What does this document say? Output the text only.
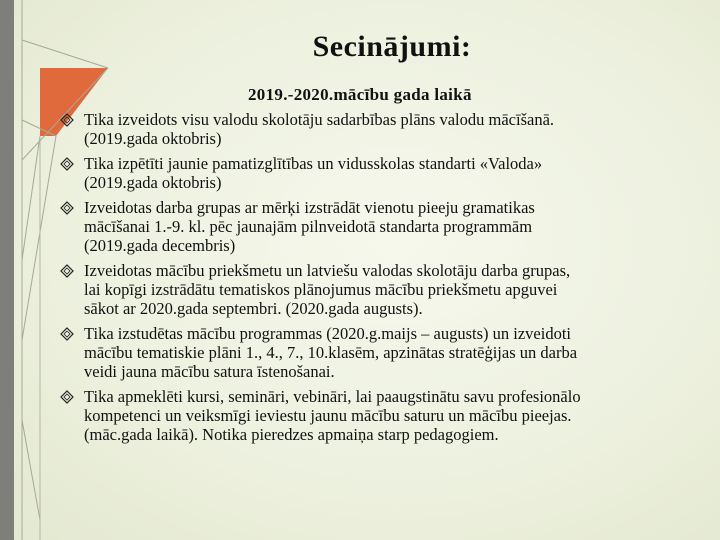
Secinājumi:
2019.-2020.mācību gada laikā
Tika izveidots visu valodu skolotāju sadarbības plāns valodu mācīšanā.
(2019.gada oktobris)
Tika izpētīti jaunie pamatizglītības un vidusskolas standarti «Valoda»
(2019.gada oktobris)
Izveidotas darba grupas ar mērķi izstrādāt vienotu pieeju gramatikas
mācīšanai 1.-9. kl. pēc jaunajām pilnveidotā standarta programmām
(2019.gada decembris)
Izveidotas mācību priekšmetu un latviešu valodas skolotāju darba grupas,
lai kopīgi izstrādātu tematiskos plānojumus mācību priekšmetu apguvei
sākot ar 2020.gada septembri. (2020.gada augusts).
Tika izstudētas mācību programmas (2020.g.maijs – augusts) un izveidoti
mācību tematiskie plāni 1., 4., 7., 10.klasēm, apzinātas stratēģijas un darba
veidi jauna mācību satura īstenošanai.
Tika apmeklēti kursi, semināri, vebināri, lai paaugstinātu savu profesionālo
kompetenci un veiksmīgi ieviestu jaunu mācību saturu un mācību pieejas.
(māc.gada laikā). Notika pieredzes apmaiņa starp pedagogiem.
